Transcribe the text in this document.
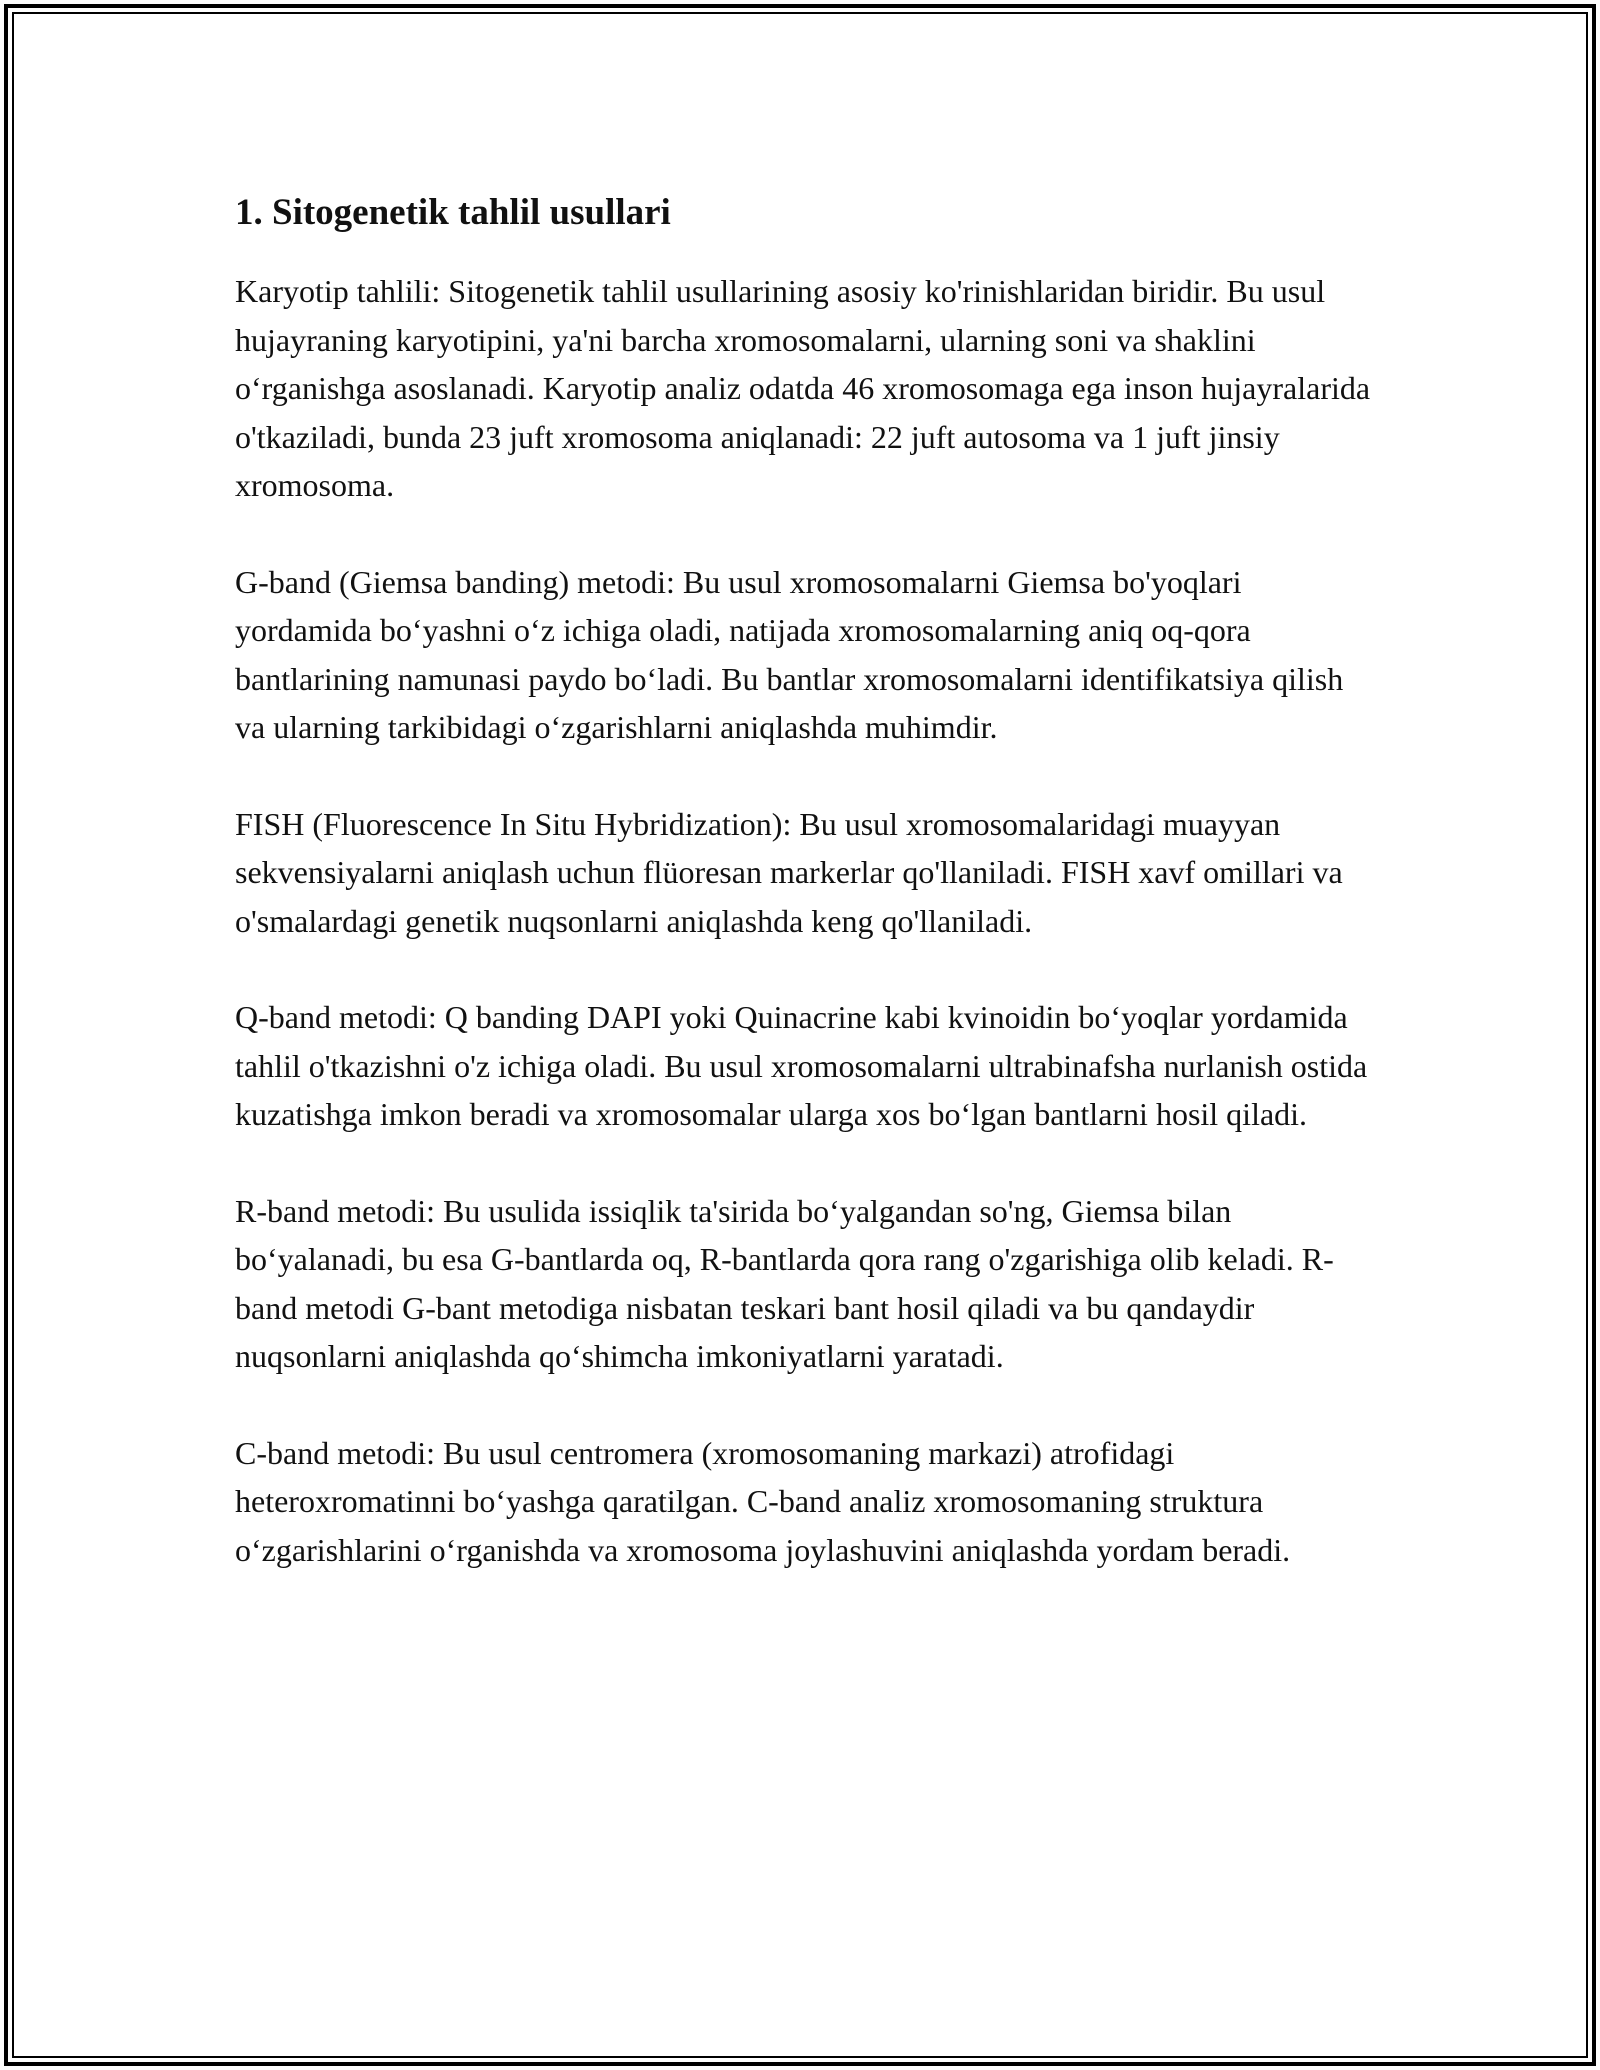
1. Sitogenetik tahlil usullari

Karyotip tahlili: Sitogenetik tahlil usullarining asosiy ko'rinishlaridan biridir. Bu usul hujayraning karyotipini, ya'ni barcha xromosomalarni, ularning soni va shaklini o‘rganishga asoslanadi. Karyotip analiz odatda 46 xromosomaga ega inson hujayralarida o'tkaziladi, bunda 23 juft xromosoma aniqlanadi: 22 juft autosoma va 1 juft jinsiy xromosoma.

G-band (Giemsa banding) metodi: Bu usul xromosomalarni Giemsa bo'yoqlari yordamida bo‘yashni o‘z ichiga oladi, natijada xromosomalarning aniq oq-qora bantlarining namunasi paydo bo‘ladi. Bu bantlar xromosomalarni identifikatsiya qilish va ularning tarkibidagi o‘zgarishlarni aniqlashda muhimdir.

FISH (Fluorescence In Situ Hybridization): Bu usul xromosomalaridagi muayyan sekvensiyalarni aniqlash uchun flüoresan markerlar qo'llaniladi. FISH xavf omillari va o'smalardagi genetik nuqsonlarni aniqlashda keng qo'llaniladi.

Q-band metodi: Q banding DAPI yoki Quinacrine kabi kvinoidin bo‘yoqlar yordamida tahlil o'tkazishni o'z ichiga oladi. Bu usul xromosomalarni ultrabinafsha nurlanish ostida kuzatishga imkon beradi va xromosomalar ularga xos bo‘lgan bantlarni hosil qiladi.

R-band metodi: Bu usulida issiqlik ta'sirida bo‘yalgandan so'ng, Giemsa bilan bo‘yalanadi, bu esa G-bantlarda oq, R-bantlarda qora rang o'zgarishiga olib keladi. R-band metodi G-bant metodiga nisbatan teskari bant hosil qiladi va bu qandaydir nuqsonlarni aniqlashda qo‘shimcha imkoniyatlarni yaratadi.

C-band metodi: Bu usul centromera (xromosomaning markazi) atrofidagi heteroxromatinni bo‘yashga qaratilgan. C-band analiz xromosomaning struktura o‘zgarishlarini o‘rganishda va xromosoma joylashuvini aniqlashda yordam beradi.
